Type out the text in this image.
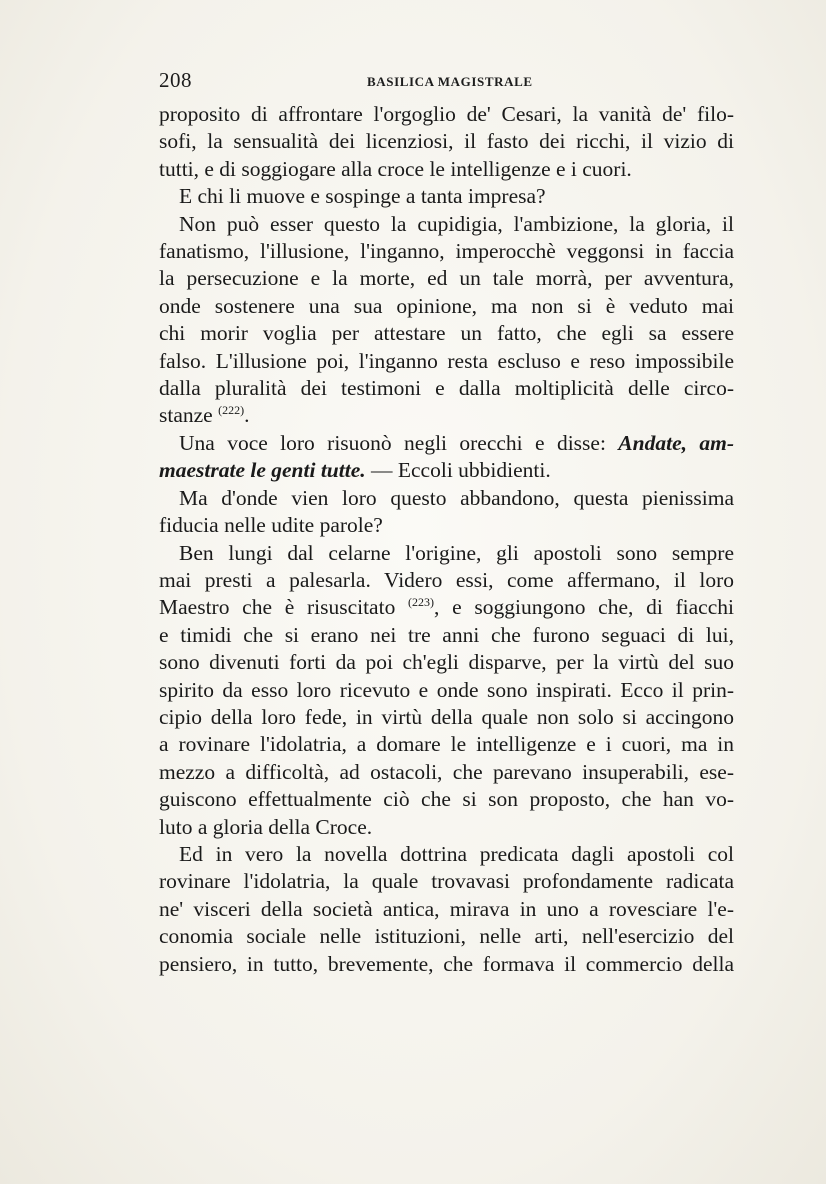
208	BASILICA MAGISTRALE
proposito di affrontare l'orgoglio de' Cesari, la vanità de' filo-
sofi, la sensualità dei licenziosi, il fasto dei ricchi, il vizio di
tutti, e di soggiogare alla croce le intelligenze e i cuori.
E chi li muove e sospinge a tanta impresa?
Non può esser questo la cupidigia, l'ambizione, la gloria, il
fanatismo, l'illusione, l'inganno, imperocchè veggonsi in faccia
la persecuzione e la morte, ed un tale morrà, per avventura,
onde sostenere una sua opinione, ma non si è veduto mai
chi morir voglia per attestare un fatto, che egli sa essere
falso. L'illusione poi, l'inganno resta escluso e reso impossibile
dalla pluralità dei testimoni e dalla moltiplicità delle circo-
stanze $^{(222)}$.
Una voce loro risuonò negli orecchi e disse: Andate, am-
maestrate le genti tutte. — Eccoli ubbidienti.
Ma d'onde vien loro questo abbandono, questa pienissima
fiducia nelle udite parole?
Ben lungi dal celarne l'origine, gli apostoli sono sempre
mai presti a palesarla. Videro essi, come affermano, il loro
Maestro che è risuscitato $^{(223)}$, e soggiungono che, di fiacchi
e timidi che si erano nei tre anni che furono seguaci di lui,
sono divenuti forti da poi ch'egli disparve, per la virtù del suo
spirito da esso loro ricevuto e onde sono inspirati. Ecco il prin-
cipio della loro fede, in virtù della quale non solo si accingono
a rovinare l'idolatria, a domare le intelligenze e i cuori, ma in
mezzo a difficoltà, ad ostacoli, che parevano insuperabili, ese-
guiscono effettualmente ciò che si son proposto, che han vo-
luto a gloria della Croce.
Ed in vero la novella dottrina predicata dagli apostoli col
rovinare l'idolatria, la quale trovavasi profondamente radicata
ne' visceri della società antica, mirava in uno a rovesciare l'e-
conomia sociale nelle istituzioni, nelle arti, nell'esercizio del
pensiero, in tutto, brevemente, che formava il commercio della
